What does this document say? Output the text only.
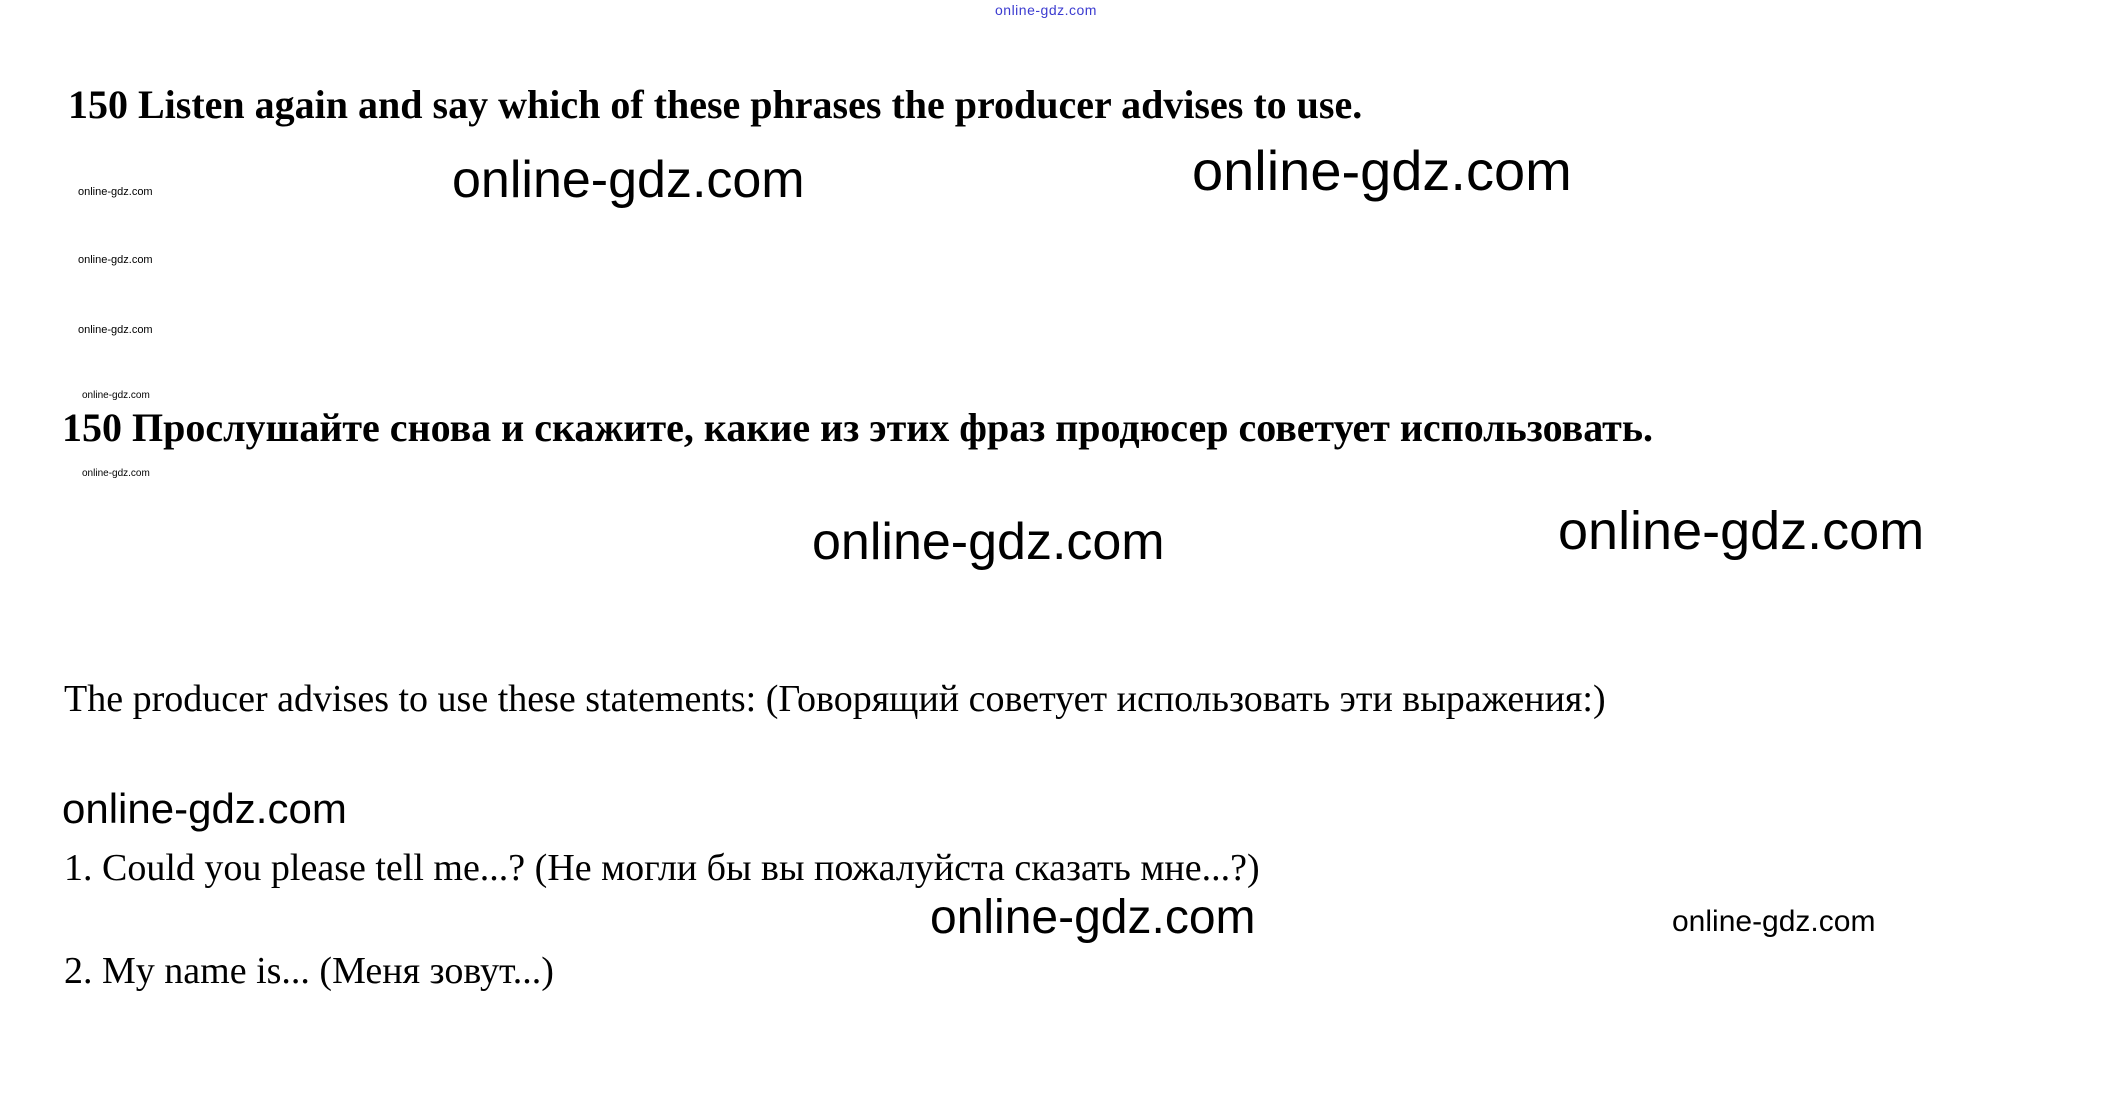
online-gdz.com
150 Listen again and say which of these phrases the producer advises to use.
online-gdz.com	online-gdz.com
online-gdz.com
online-gdz.com
online-gdz.com
online-gdz.com
online-gdz.com
150 Прослушайте снова и скажите, какие из этих фраз продюсер советует использовать.
online-gdz.com	online-gdz.com
The producer advises to use these statements: (Говорящий советует использовать эти выражения:)
online-gdz.com
1. Could you please tell me...? (Не могли бы вы пожалуйста сказать мне...?)
online-gdz.com	online-gdz.com
2. My name is... (Меня зовут...)
